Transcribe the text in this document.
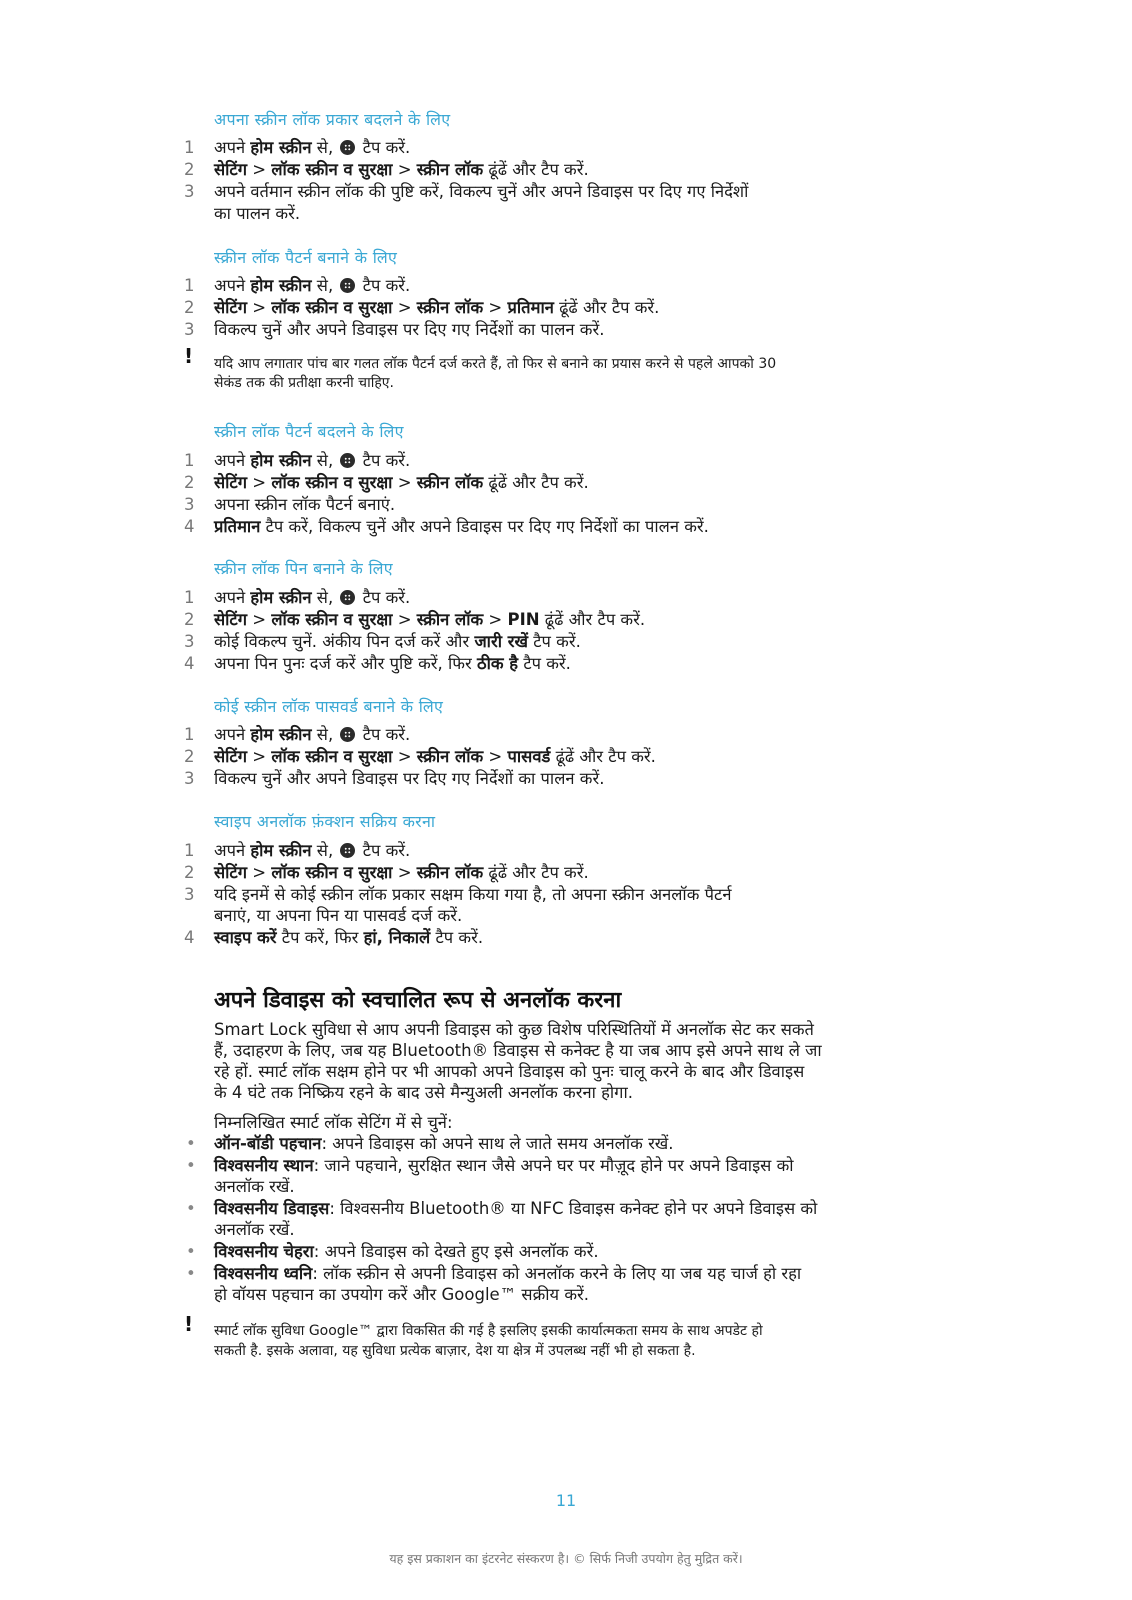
अपना स्क्रीन लॉक प्रकार बदलने के लिए
1 अपने होम स्क्रीन से,  टैप करें.
2 सेटिंग > लॉक स्क्रीन व सुरक्षा > स्क्रीन लॉक ढूंढें और टैप करें.
3 अपने वर्तमान स्क्रीन लॉक की पुष्टि करें, विकल्प चुनें और अपने डिवाइस पर दिए गए निर्देशों
का पालन करें.
स्क्रीन लॉक पैटर्न बनाने के लिए
1 अपने होम स्क्रीन से,  टैप करें.
2 सेटिंग > लॉक स्क्रीन व सुरक्षा > स्क्रीन लॉक > प्रतिमान ढूंढें और टैप करें.
3 विकल्प चुनें और अपने डिवाइस पर दिए गए निर्देशों का पालन करें.
! यदि आप लगातार पांच बार गलत लॉक पैटर्न दर्ज करते हैं, तो फिर से बनाने का प्रयास करने से पहले आपको 30
सेकंड तक की प्रतीक्षा करनी चाहिए.
स्क्रीन लॉक पैटर्न बदलने के लिए
1 अपने होम स्क्रीन से,  टैप करें.
2 सेटिंग > लॉक स्क्रीन व सुरक्षा > स्क्रीन लॉक ढूंढें और टैप करें.
3 अपना स्क्रीन लॉक पैटर्न बनाएं.
4 प्रतिमान टैप करें, विकल्प चुनें और अपने डिवाइस पर दिए गए निर्देशों का पालन करें.
स्क्रीन लॉक पिन बनाने के लिए
1 अपने होम स्क्रीन से,  टैप करें.
2 सेटिंग > लॉक स्क्रीन व सुरक्षा > स्क्रीन लॉक > PIN ढूंढें और टैप करें.
3 कोई विकल्प चुनें. अंकीय पिन दर्ज करें और जारी रखें टैप करें.
4 अपना पिन पुनः दर्ज करें और पुष्टि करें, फिर ठीक है टैप करें.
कोई स्क्रीन लॉक पासवर्ड बनाने के लिए
1 अपने होम स्क्रीन से,  टैप करें.
2 सेटिंग > लॉक स्क्रीन व सुरक्षा > स्क्रीन लॉक > पासवर्ड ढूंढें और टैप करें.
3 विकल्प चुनें और अपने डिवाइस पर दिए गए निर्देशों का पालन करें.
स्वाइप अनलॉक फ़ंक्शन सक्रिय करना
1 अपने होम स्क्रीन से,  टैप करें.
2 सेटिंग > लॉक स्क्रीन व सुरक्षा > स्क्रीन लॉक ढूंढें और टैप करें.
3 यदि इनमें से कोई स्क्रीन लॉक प्रकार सक्षम किया गया है, तो अपना स्क्रीन अनलॉक पैटर्न
बनाएं, या अपना पिन या पासवर्ड दर्ज करें.
4 स्वाइप करें टैप करें, फिर हां, निकालें टैप करें.
अपने डिवाइस को स्वचालित रूप से अनलॉक करना
Smart Lock सुविधा से आप अपनी डिवाइस को कुछ विशेष परिस्थितियों में अनलॉक सेट कर सकते
हैं, उदाहरण के लिए, जब यह Bluetooth® डिवाइस से कनेक्ट है या जब आप इसे अपने साथ ले जा
रहे हों. स्मार्ट लॉक सक्षम होने पर भी आपको अपने डिवाइस को पुनः चालू करने के बाद और डिवाइस
के 4 घंटे तक निष्क्रिय रहने के बाद उसे मैन्युअली अनलॉक करना होगा.
निम्नलिखित स्मार्ट लॉक सेटिंग में से चुनें:
• ऑन-बॉडी पहचान: अपने डिवाइस को अपने साथ ले जाते समय अनलॉक रखें.
• विश्वसनीय स्थान: जाने पहचाने, सुरक्षित स्थान जैसे अपने घर पर मौज़ूद होने पर अपने डिवाइस को
अनलॉक रखें.
• विश्वसनीय डिवाइस: विश्वसनीय Bluetooth® या NFC डिवाइस कनेक्ट होने पर अपने डिवाइस को
अनलॉक रखें.
• विश्वसनीय चेहरा: अपने डिवाइस को देखते हुए इसे अनलॉक करें.
• विश्वसनीय ध्वनि: लॉक स्क्रीन से अपनी डिवाइस को अनलॉक करने के लिए या जब यह चार्ज हो रहा
हो वॉयस पहचान का उपयोग करें और Google™ सक्रीय करें.
! स्मार्ट लॉक सुविधा Google™ द्वारा विकसित की गई है इसलिए इसकी कार्यात्मकता समय के साथ अपडेट हो
सकती है. इसके अलावा, यह सुविधा प्रत्येक बाज़ार, देश या क्षेत्र में उपलब्ध नहीं भी हो सकता है.
11
यह इस प्रकाशन का इंटरनेट संस्करण है। © सिर्फ निजी उपयोग हेतु मुद्रित करें।
